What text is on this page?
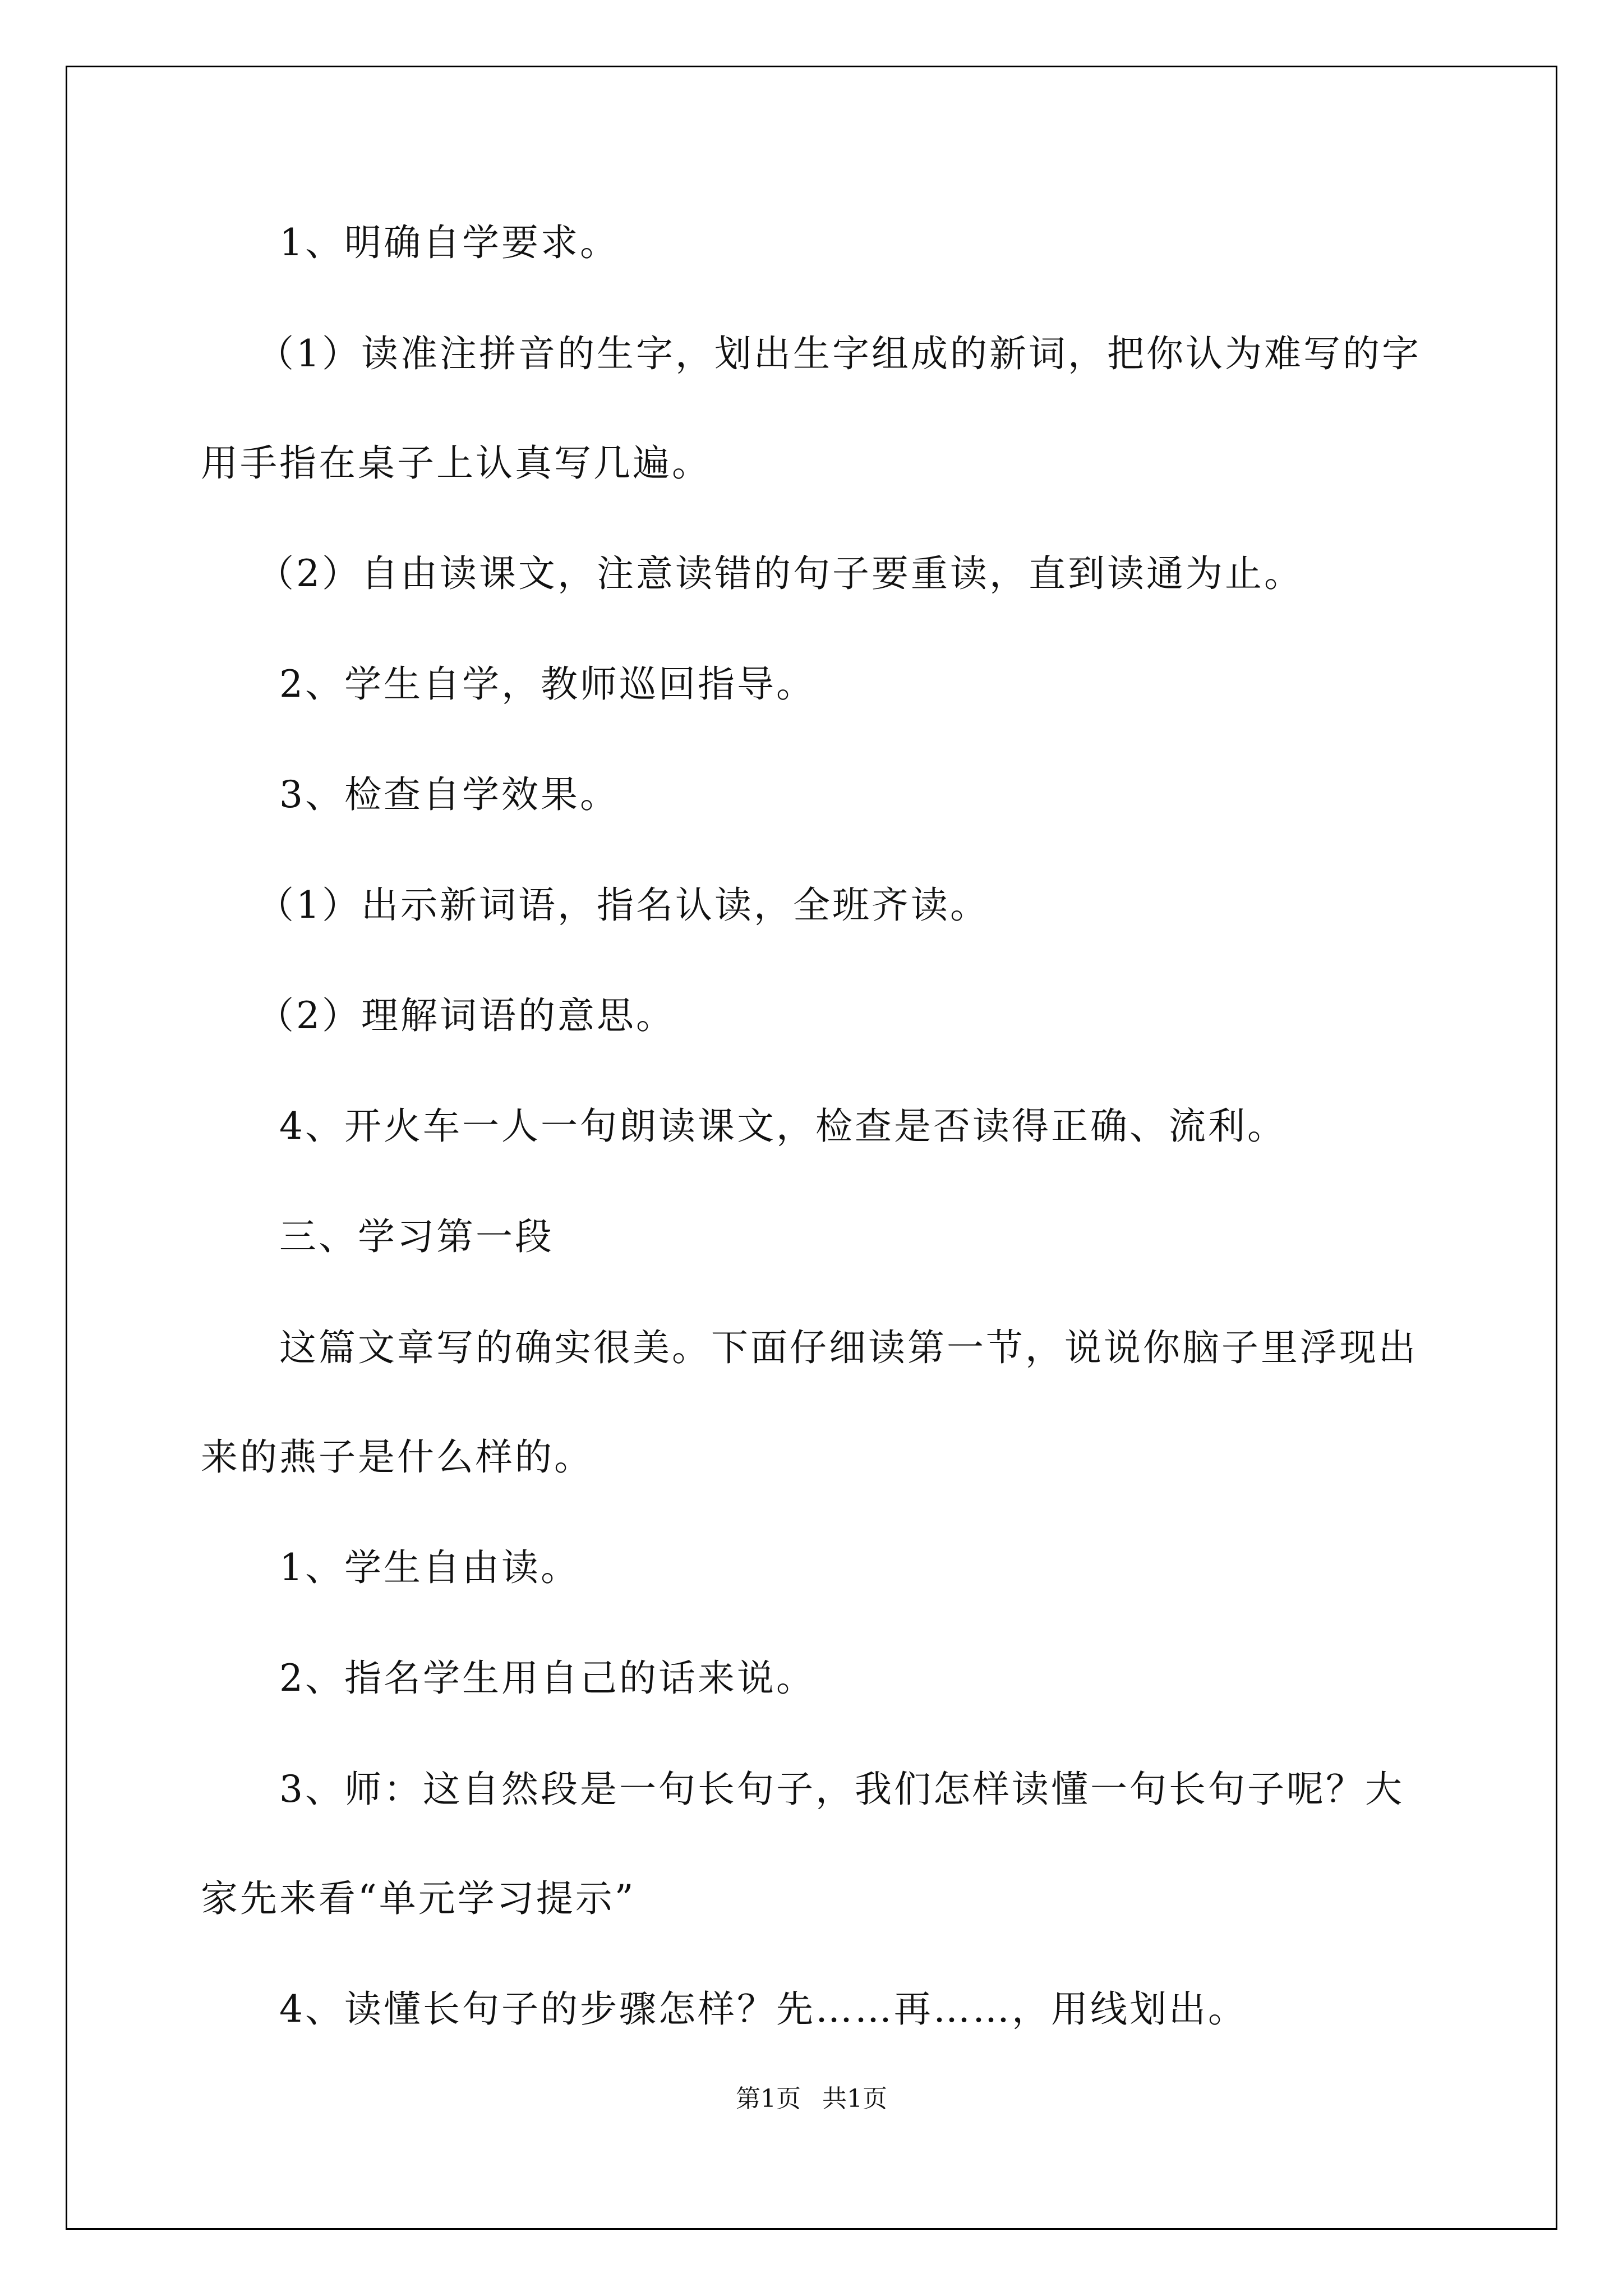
1、明确自学要求。

（1）读准注拼音的生字，划出生字组成的新词，把你认为难写的字用手指在桌子上认真写几遍。

（2）自由读课文，注意读错的句子要重读，直到读通为止。

2、学生自学，教师巡回指导。

3、检查自学效果。

（1）出示新词语，指名认读，全班齐读。

（2）理解词语的意思。

4、开火车一人一句朗读课文，检查是否读得正确、流利。

三、学习第一段

这篇文章写的确实很美。下面仔细读第一节，说说你脑子里浮现出来的燕子是什么样的。

1、学生自由读。

2、指名学生用自己的话来说。

3、师：这自然段是一句长句子，我们怎样读懂一句长句子呢？大家先来看“单元学习提示”

4、读懂长句子的步骤怎样？先……再……，用线划出。

第1页 共1页
